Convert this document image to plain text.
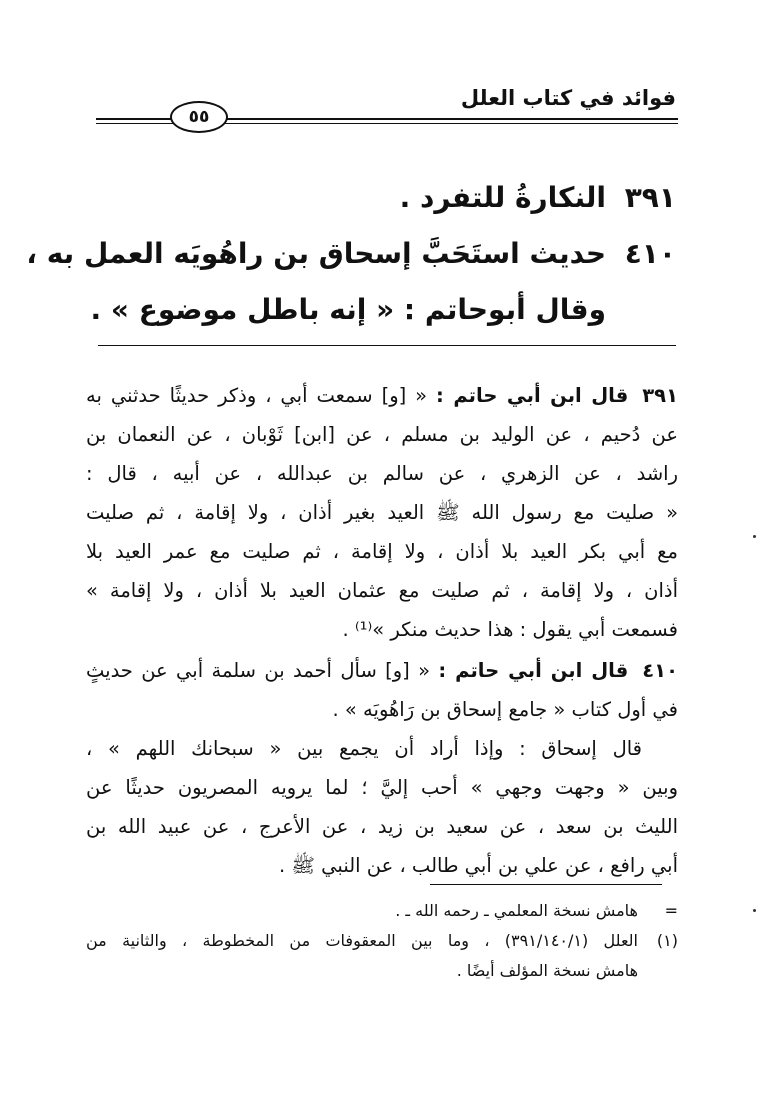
فوائد في كتاب العلل
٥٥
٣٩١النكارةُ للتفرد .
٤١٠حديث استَحَبَّ إسحاق بن راهُويَه العمل به ،
وقال أبوحاتم : « إنه باطل موضوع » .
٣٩١قال ابن أبي حاتم : « [و] سمعت أبي ، وذكر حديثًا حدثني به
عن دُحيم ، عن الوليد بن مسلم ، عن [ابن] ثَوْبان ، عن النعمان بن
راشد ، عن الزهري ، عن سالم بن عبدالله ، عن أبيه ، قال :
« صليت مع رسول الله ﷺ العيد بغير أذان ، ولا إقامة ، ثم صليت
مع أبي بكر العيد بلا أذان ، ولا إقامة ، ثم صليت مع عمر العيد بلا
أذان ، ولا إقامة ، ثم صليت مع عثمان العيد بلا أذان ، ولا إقامة »
فسمعت أبي يقول : هذا حديث منكر »⁽¹⁾ .
٤١٠قال ابن أبي حاتم : « [و] سأل أحمد بن سلمة أبي عن حديثٍ
في أول كتاب « جامع إسحاق بن رَاهُويَه » .
قال إسحاق : وإذا أراد أن يجمع بين « سبحانك اللهم » ،
وبين « وجهت وجهي » أحب إليَّ ؛ لما يرويه المصريون حديثًا عن
الليث بن سعد ، عن سعيد بن زيد ، عن الأعرج ، عن عبيد الله بن
أبي رافع ، عن علي بن أبي طالب ، عن النبي ﷺ .
=هامش نسخة المعلمي ـ رحمه الله ـ .
(١)العلل (٣٩١/١٤٠/١) ، وما بين المعقوفات من المخطوطة ، والثانية من
هامش نسخة المؤلف أيضًا .
